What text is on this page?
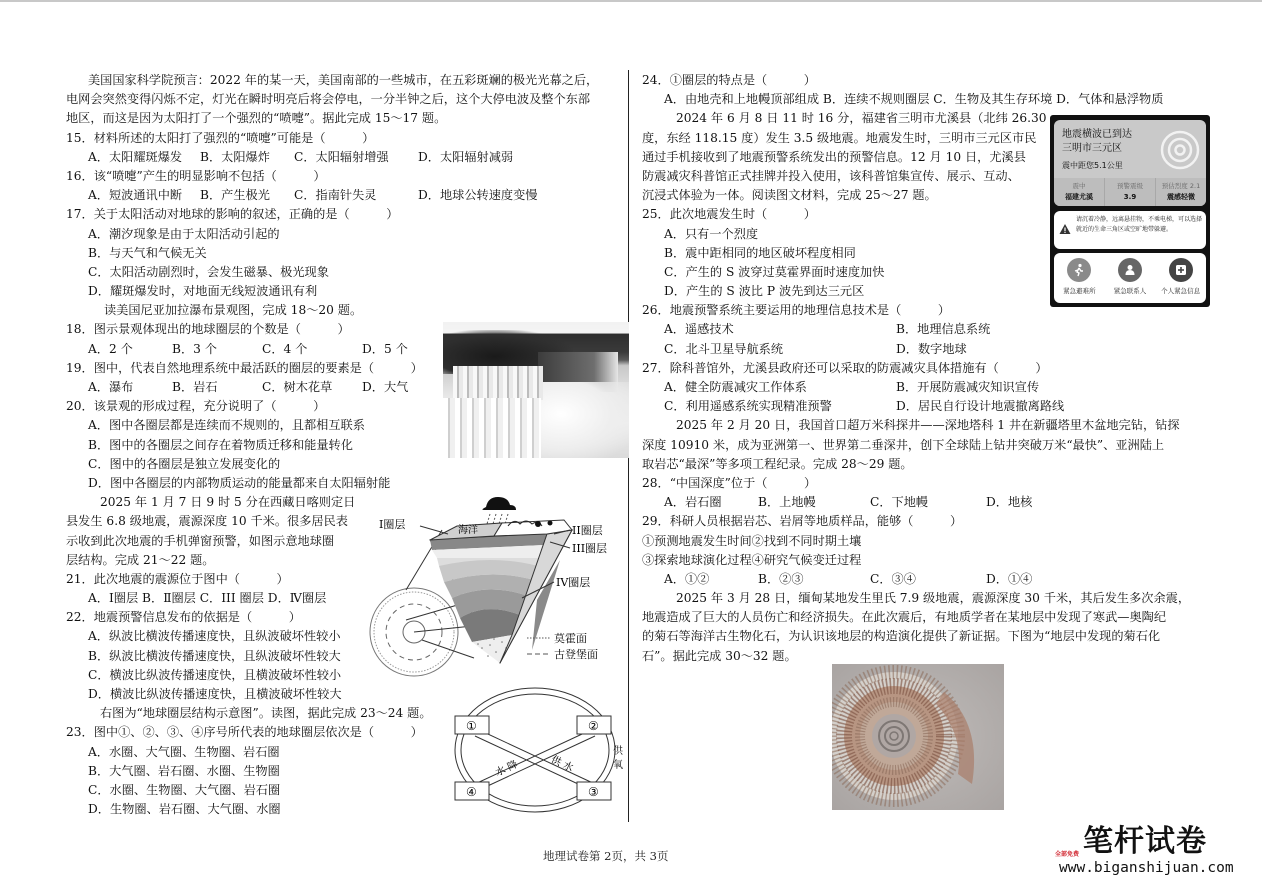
美国国家科学院预言：2022 年的某一天，美国南部的一些城市，在五彩斑斓的极光光幕之后，
电网会突然变得闪烁不定，灯光在瞬时明亮后将会停电，一分半钟之后，这个大停电波及整个东部
地区，而这是因为太阳打了一个强烈的“喷嚏”。据此完成 15～17 题。
15．材料所述的太阳打了强烈的“喷嚏”可能是（　　　）
A．太阳耀斑爆发	B．太阳爆炸	C．太阳辐射增强	D．太阳辐射减弱
16．该“喷嚏”产生的明显影响不包括（　　　）
A．短波通讯中断	B．产生极光	C．指南针失灵	D．地球公转速度变慢
17．关于太阳活动对地球的影响的叙述，正确的是（　　　）
A．潮汐现象是由于太阳活动引起的
B．与天气和气候无关
C．太阳活动剧烈时，会发生磁暴、极光现象
D．耀斑爆发时，对地面无线短波通讯有利
读美国尼亚加拉瀑布景观图，完成 18～20 题。
18．图示景观体现出的地球圈层的个数是（　　　）
A．2 个	B．3 个	C．4 个	D．5 个
19．图中，代表自然地理系统中最活跃的圈层的要素是（　　　）
A．瀑布	B．岩石	C．树木花草	D．大气
20．该景观的形成过程，充分说明了（　　　）
A．图中各圈层都是连续而不规则的，且都相互联系
B．图中的各圈层之间存在着物质迁移和能量转化
C．图中的各圈层是独立发展变化的
D．图中各圈层的内部物质运动的能量都来自太阳辐射能
2025 年 1 月 7 日 9 时 5 分在西藏日喀则定日
县发生 6.8 级地震，震源深度 10 千米。很多居民表
示收到此次地震的手机弹窗预警，如图示意地球圈
层结构。完成 21～22 题。
21．此次地震的震源位于图中（　　　）
A．Ⅰ圈层 B．Ⅱ圈层 C．III 圈层 D．Ⅳ圈层
22．地震预警信息发布的依据是（　　　）
A．纵波比横波传播速度快，且纵波破坏性较小
B．纵波比横波传播速度快，且纵波破坏性较大
C．横波比纵波传播速度快，且横波破坏性较小
D．横波比纵波传播速度快，且横波破坏性较大
右图为“地球圈层结构示意图”。读图，据此完成 23～24 题。
23．图中①、②、③、④序号所代表的地球圈层依次是（　　　）
A．水圈、大气圈、生物圈、岩石圈
B．大气圈、岩石圈、水圈、生物圈
C．水圈、生物圈、大气圈、岩石圈
D．生物圈、岩石圈、大气圈、水圈
I圈层	海洋	II圈层
III圈层
IV圈层
莫霍面
古登堡面
①	②
④	③
水 降	供 水
供
氧
24．①圈层的特点是（　　　）
A．由地壳和上地幔顶部组成 B．连续不规则圈层 C．生物及其生存环境 D．气体和悬浮物质
2024 年 6 月 8 日 11 时 16 分，福建省三明市尤溪县（北纬 26.30
度，东经 118.15 度）发生 3.5 级地震。地震发生时，三明市三元区市民
通过手机接收到了地震预警系统发出的预警信息。12 月 10 日，尤溪县
防震减灾科普馆正式挂牌并投入使用，该科普馆集宣传、展示、互动、
沉浸式体验为一体。阅读图文材料，完成 25～27 题。
25．此次地震发生时（　　　）
A．只有一个烈度
B．震中距相同的地区破坏程度相同
C．产生的 S 波穿过莫霍界面时速度加快
D．产生的 S 波比 P 波先到达三元区
26．地震预警系统主要运用的地理信息技术是（　　　）
A．遥感技术	B．地理信息系统
C．北斗卫星导航系统	D．数字地球
27．除科普馆外，尤溪县政府还可以采取的防震减灾具体措施有（　　　）
A．健全防震减灾工作体系	B．开展防震减灾知识宣传
C．利用遥感系统实现精准预警	D．居民自行设计地震撤离路线
2025 年 2 月 20 日，我国首口超万米科探井——深地塔科 1 井在新疆塔里木盆地完钻，钻探
深度 10910 米，成为亚洲第一、世界第二垂深井，创下全球陆上钻井突破万米“最快”、亚洲陆上
取岩芯“最深”等多项工程纪录。完成 28～29 题。
28．“中国深度”位于（　　　）
A．岩石圈	B．上地幔	C．下地幔	D．地核
29．科研人员根据岩芯、岩屑等地质样品，能够（　　　）
①预测地震发生时间②找到不同时期土壤
③探索地球演化过程④研究气候变迁过程
A．①②	B．②③	C．③④	D．①④
2025 年 3 月 28 日，缅甸某地发生里氏 7.9 级地震，震源深度 30 千米，其后发生多次余震，
地震造成了巨大的人员伤亡和经济损失。在此次震后，有地质学者在某地层中发现了寒武—奥陶纪
的菊石等海洋古生物化石，为认识该地层的构造演化提供了新证据。下图为“地层中发现的菊石化
石”。据此完成 30～32 题。
地震横波已到达
三明市三元区
震中距您5.1公里
震中
福建尤溪
预警震级
3.9
预估烈度 2.1
震感轻微
请沉着冷静，远离悬挂物，不乘电梯，可以选择就近的生命三角区或空旷地带躲避。
紧急避难所	紧急联系人 个人紧急信息
地理试卷第 2页，共 3页	全部免费 笔杆试卷
www.biganshijuan.com
